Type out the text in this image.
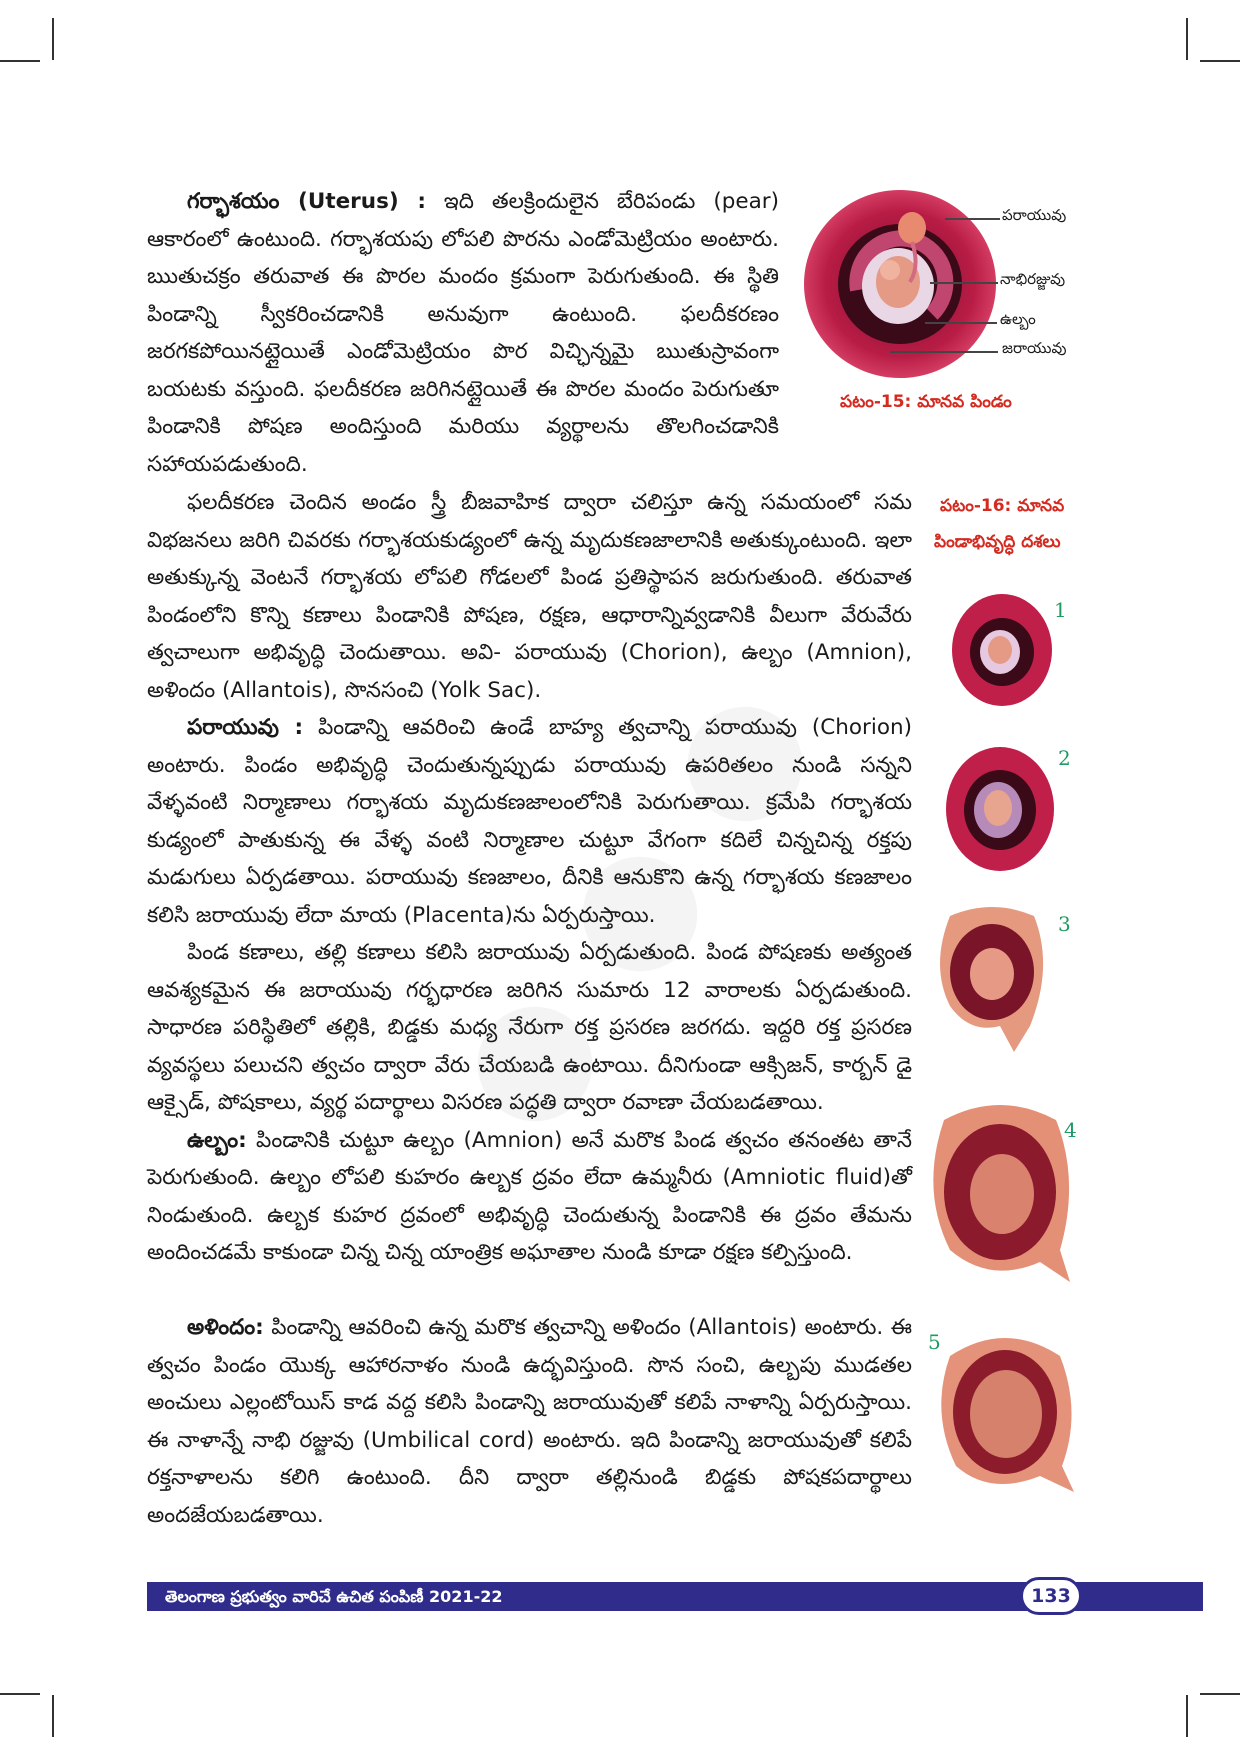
గర్భాశయం (Uterus) : ఇది తలక్రిందులైన బేరిపండు (pear) ఆకారంలో ఉంటుంది. గర్భాశయపు లోపలి పొరను ఎండోమెట్రియం అంటారు. ఋతుచక్రం తరువాత ఈ పొరల మందం క్రమంగా పెరుగుతుంది. ఈ స్థితి పిండాన్ని స్వీకరించడానికి అనువుగా ఉంటుంది. ఫలదీకరణం జరగకపోయినట్లైయితే ఎండోమెట్రియం పొర విచ్ఛిన్నమై ఋతుస్రావంగా బయటకు వస్తుంది. ఫలదీకరణ జరిగినట్లైయితే ఈ పొరల మందం పెరుగుతూ పిండానికి పోషణ అందిస్తుంది మరియు వ్యర్థాలను తొలగించడానికి సహాయపడుతుంది.

పరాయువు
నాభిరజ్జువు
ఉల్బం
జరాయువు
పటం-15: మానవ పిండం

ఫలదీకరణ చెందిన అండం స్త్రీ బీజవాహిక ద్వారా చలిస్తూ ఉన్న సమయంలో సమ విభజనలు జరిగి చివరకు గర్భాశయకుడ్యంలో ఉన్న మృదుకణజాలానికి అతుక్కుంటుంది. ఇలా అతుక్కున్న వెంటనే గర్భాశయ లోపలి గోడలలో పిండ ప్రతిస్థాపన జరుగుతుంది. తరువాత పిండంలోని కొన్ని కణాలు పిండానికి పోషణ, రక్షణ, ఆధారాన్నివ్వడానికి వీలుగా వేరువేరు త్వచాలుగా అభివృద్ధి చెందుతాయి. అవి- పరాయువు (Chorion), ఉల్బం (Amnion), అళిందం (Allantois), సొనసంచి (Yolk Sac).

పరాయువు : పిండాన్ని ఆవరించి ఉండే బాహ్య త్వచాన్ని పరాయువు (Chorion) అంటారు. పిండం అభివృద్ధి చెందుతున్నప్పుడు పరాయువు ఉపరితలం నుండి సన్నని వేళ్ళవంటి నిర్మాణాలు గర్భాశయ మృదుకణజాలంలోనికి పెరుగుతాయి. క్రమేపి గర్భాశయ కుడ్యంలో పాతుకున్న ఈ వేళ్ళ వంటి నిర్మాణాల చుట్టూ వేగంగా కదిలే చిన్నచిన్న రక్తపు మడుగులు ఏర్పడతాయి. పరాయువు కణజాలం, దీనికి ఆనుకొని ఉన్న గర్భాశయ కణజాలం కలిసి జరాయువు లేదా మాయ (Placenta)ను ఏర్పరుస్తాయి.

పిండ కణాలు, తల్లి కణాలు కలిసి జరాయువు ఏర్పడుతుంది. పిండ పోషణకు అత్యంత ఆవశ్యకమైన ఈ జరాయువు గర్భధారణ జరిగిన సుమారు 12 వారాలకు ఏర్పడుతుంది. సాధారణ పరిస్థితిలో తల్లికి, బిడ్డకు మధ్య నేరుగా రక్త ప్రసరణ జరగదు. ఇద్దరి రక్త ప్రసరణ వ్యవస్థలు పలుచని త్వచం ద్వారా వేరు చేయబడి ఉంటాయి. దీనిగుండా ఆక్సిజన్, కార్బన్ డై ఆక్సైడ్, పోషకాలు, వ్యర్థ పదార్థాలు విసరణ పద్ధతి ద్వారా రవాణా చేయబడతాయి.

ఉల్బం: పిండానికి చుట్టూ ఉల్బం (Amnion) అనే మరొక పిండ త్వచం తనంతట తానే పెరుగుతుంది. ఉల్బం లోపలి కుహరం ఉల్బక ద్రవం లేదా ఉమ్మనీరు (Amniotic fluid)తో నిండుతుంది. ఉల్బక కుహర ద్రవంలో అభివృద్ధి చెందుతున్న పిండానికి ఈ ద్రవం తేమను అందించడమే కాకుండా చిన్న చిన్న యాంత్రిక అఘాతాల నుండి కూడా రక్షణ కల్పిస్తుంది.

అళిందం: పిండాన్ని ఆవరించి ఉన్న మరొక త్వచాన్ని అళిందం (Allantois) అంటారు. ఈ త్వచం పిండం యొక్క ఆహారనాళం నుండి ఉద్భవిస్తుంది. సొన సంచి, ఉల్బపు ముడతల అంచులు ఎల్లంటోయిస్ కాడ వద్ద కలిసి పిండాన్ని జరాయువుతో కలిపే నాళాన్ని ఏర్పరుస్తాయి. ఈ నాళాన్నే నాభి రజ్జువు (Umbilical cord) అంటారు. ఇది పిండాన్ని జరాయువుతో కలిపే రక్తనాళాలను కలిగి ఉంటుంది. దీని ద్వారా తల్లినుండి బిడ్డకు పోషకపదార్థాలు అందజేయబడతాయి.

పటం-16: మానవ
పిండాభివృద్ధి దశలు
1
2
3
4
5
తెలంగాణ ప్రభుత్వం వారిచే ఉచిత పంపిణీ 2021-22	133
